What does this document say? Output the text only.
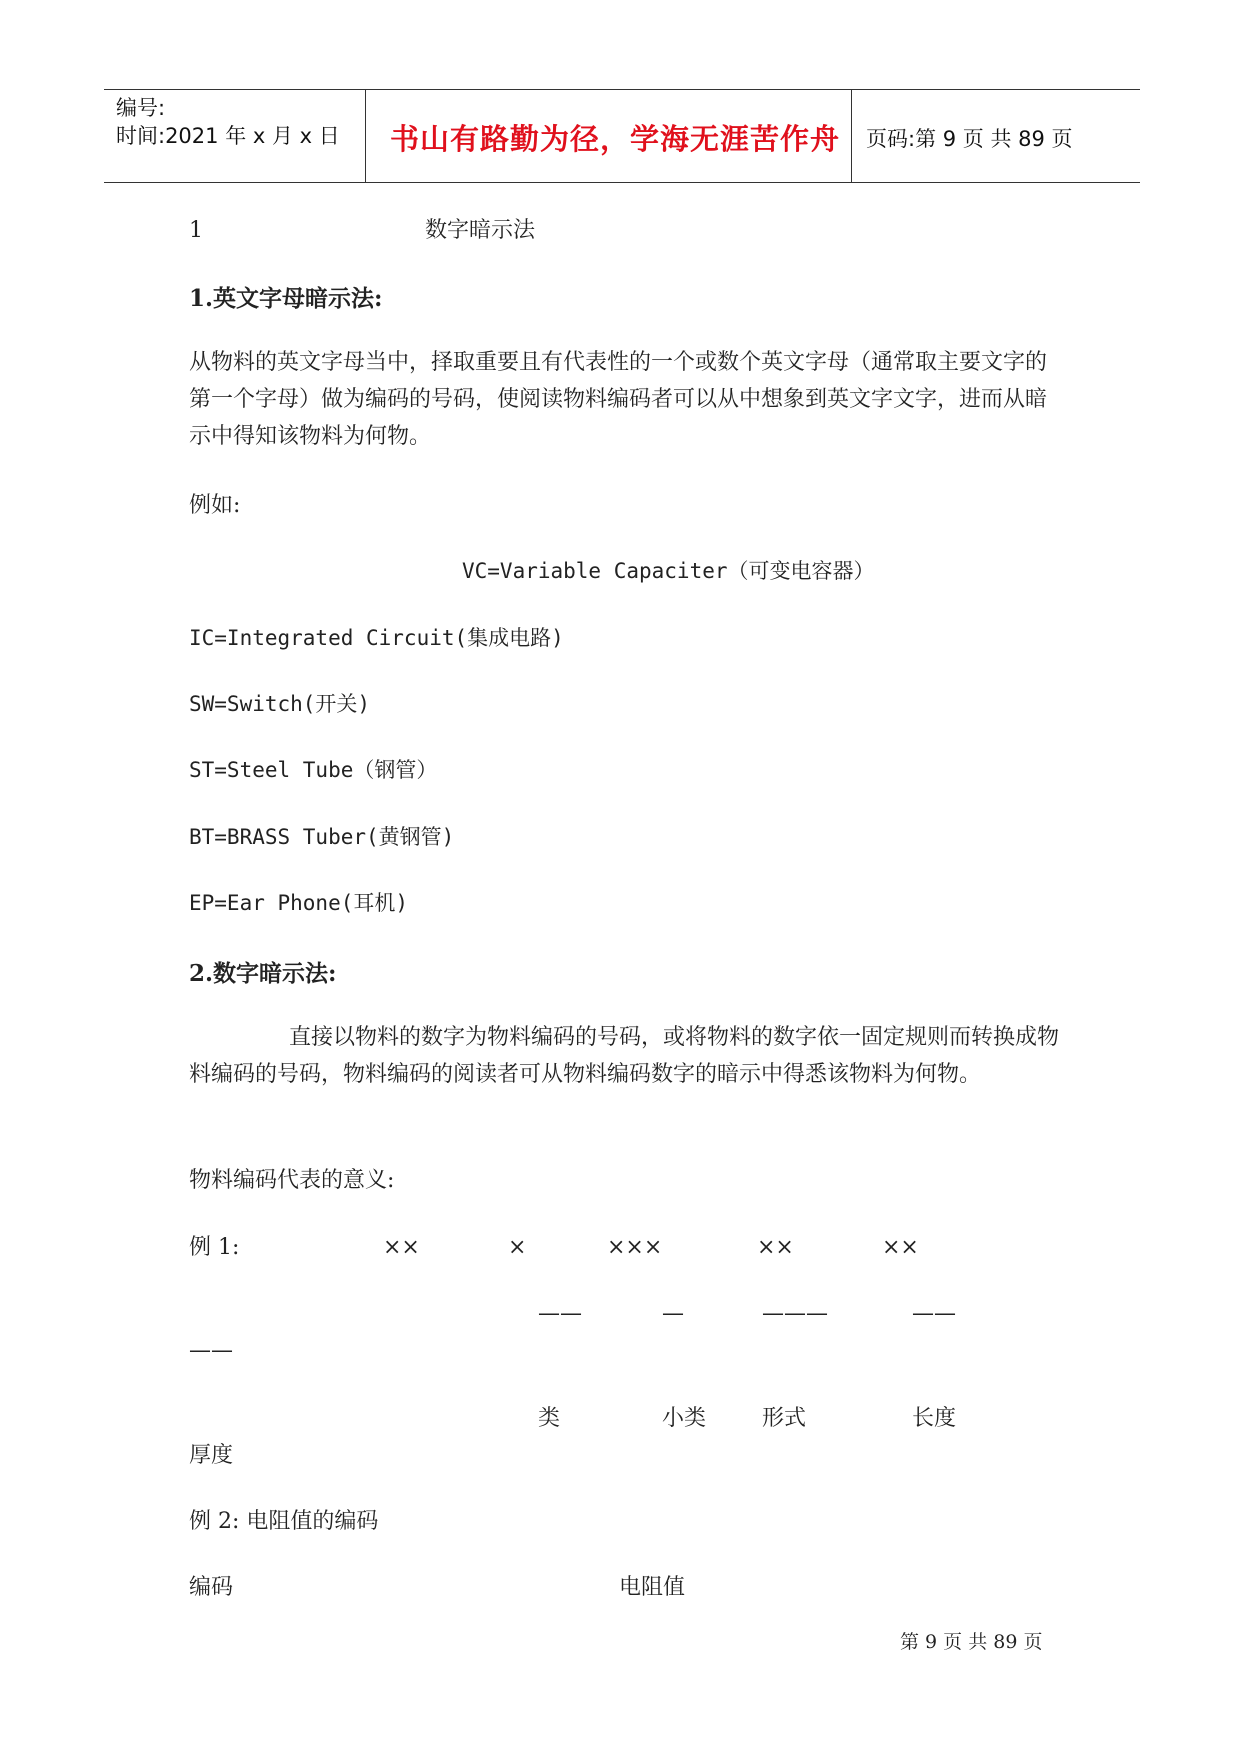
编号:
时间:2021 年 x 月 x 日 书山有路勤为径，学海无涯苦作舟 页码:第 9 页 共 89 页
1	数字暗示法
1.英文字母暗示法:
从物料的英文字母当中，择取重要且有代表性的一个或数个英文字母（通常取主要文字的第一个字母）做为编码的号码，使阅读物料编码者可以从中想象到英文字文字，进而从暗示中得知该物料为何物。
例如:
VC=Variable Capaciter（可变电容器）
IC=Integrated Circuit(集成电路)
SW=Switch(开关)
ST=Steel Tube（钢管）
BT=BRASS Tuber(黄钢管)
EP=Ear Phone(耳机)
2.数字暗示法:
直接以物料的数字为物料编码的号码，或将物料的数字依一固定规则而转换成物料编码的号码，物料编码的阅读者可从物料编码数字的暗示中得悉该物料为何物。
物料编码代表的意义:
例 1:	××	×	×××	××	××
——	—	———	——
——
类	小类	形式	长度
厚度
例 2: 电阻值的编码
编码	电阻值
第 9 页 共 89 页
